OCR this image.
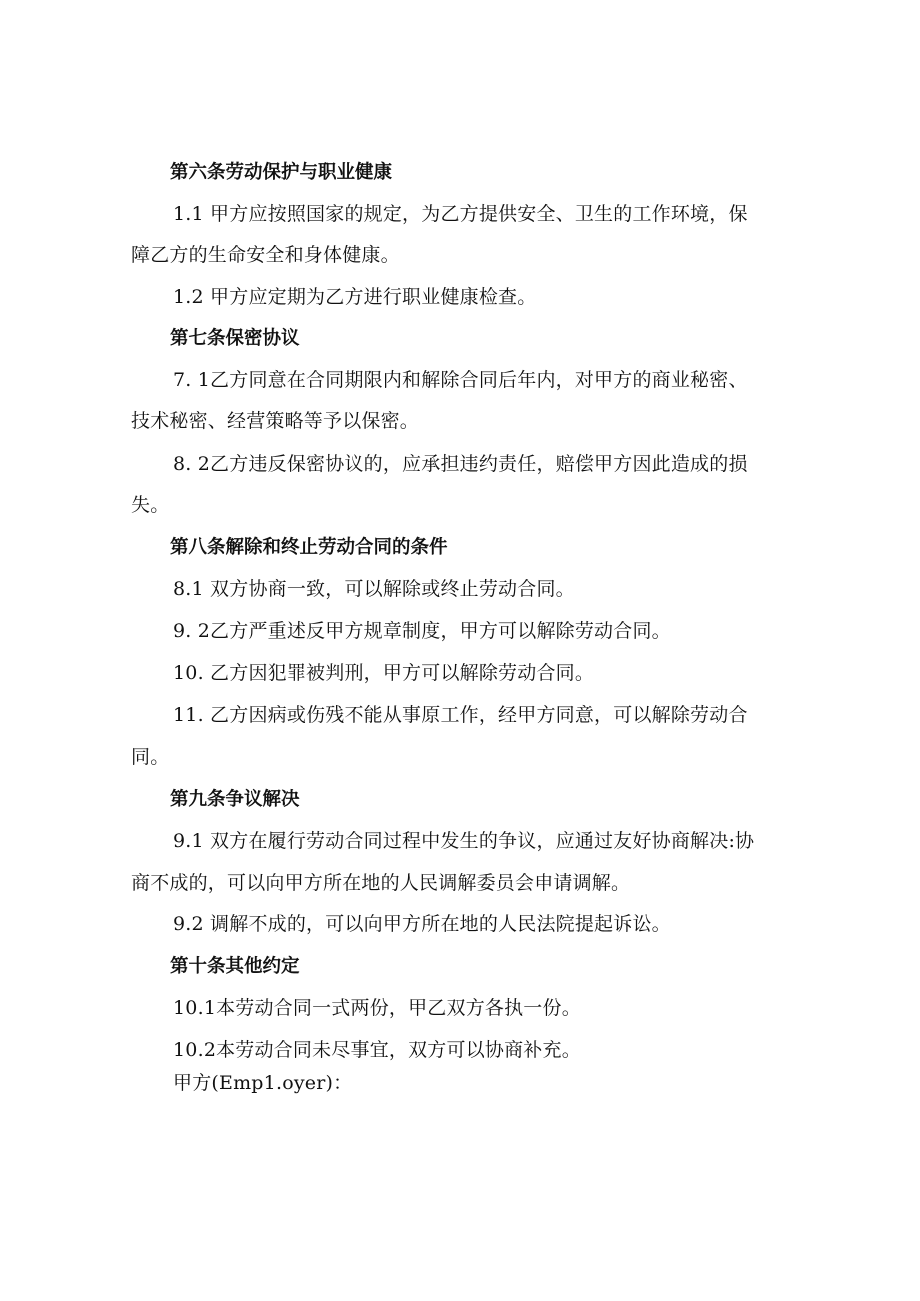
第六条劳动保护与职业健康
1.1 甲方应按照国家的规定，为乙方提供安全、卫生的工作环境，保
障乙方的生命安全和身体健康。
1.2 甲方应定期为乙方进行职业健康检查。
第七条保密协议
7. 1乙方同意在合同期限内和解除合同后年内，对甲方的商业秘密、
技术秘密、经营策略等予以保密。
8. 2乙方违反保密协议的，应承担违约责任，赔偿甲方因此造成的损
失。
第八条解除和终止劳动合同的条件
8.1 双方协商一致，可以解除或终止劳动合同。
9. 2乙方严重述反甲方规章制度，甲方可以解除劳动合同。
10. 乙方因犯罪被判刑，甲方可以解除劳动合同。
11. 乙方因病或伤残不能从事原工作，经甲方同意，可以解除劳动合
同。
第九条争议解决
9.1 双方在履行劳动合同过程中发生的争议，应通过友好协商解决:协
商不成的，可以向甲方所在地的人民调解委员会申请调解。
9.2 调解不成的，可以向甲方所在地的人民法院提起诉讼。
第十条其他约定
10.1本劳动合同一式两份，甲乙双方各执一份。
10.2本劳动合同未尽事宜，双方可以协商补充。
甲方(Emp1.oyer)：
